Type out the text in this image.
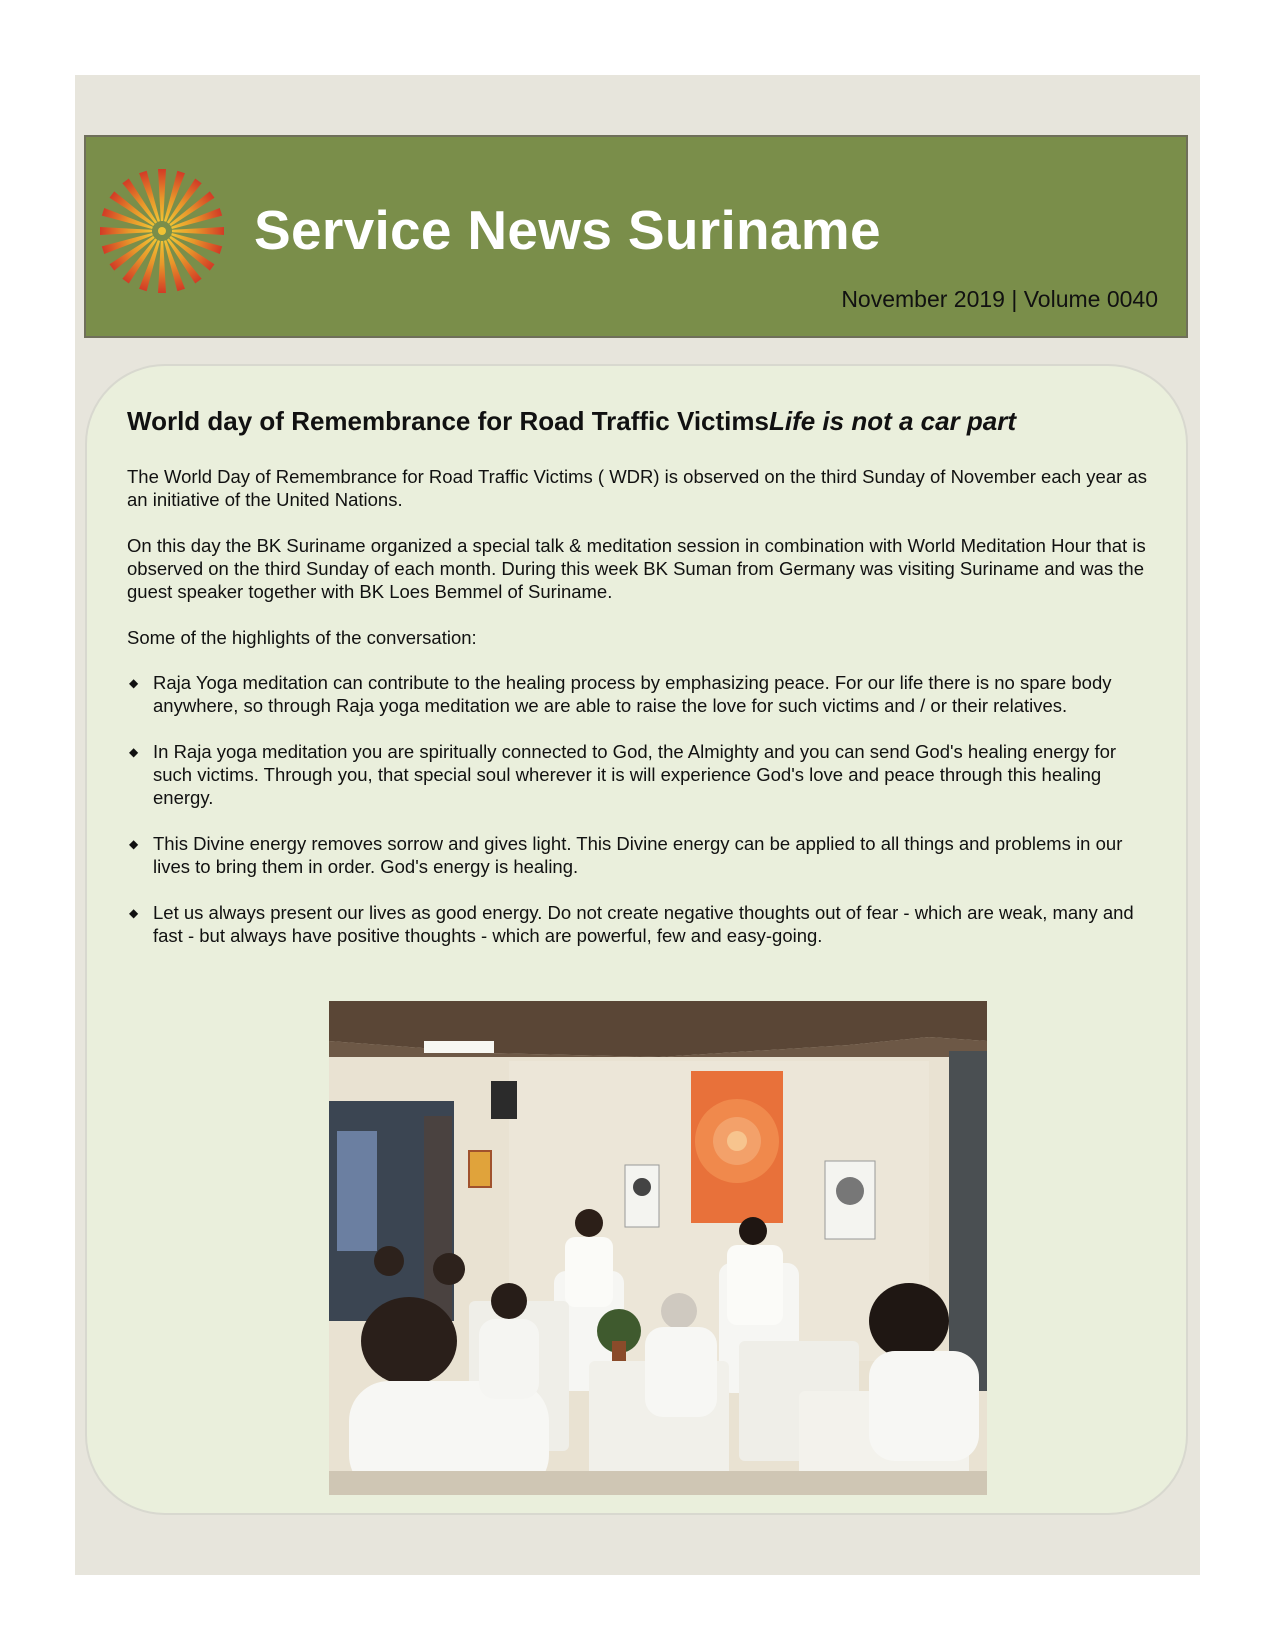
Service News Suriname

November 2019 | Volume 0040

World day of Remembrance for Road Traffic VictimsLife is not a car part

The World Day of Remembrance for Road Traffic Victims ( WDR) is observed on the third Sunday of November each year as an initiative of the United Nations.

On this day the BK Suriname organized a special talk & meditation session in combination with World Meditation Hour that is observed on the third Sunday of each month. During this week BK Suman from Germany was visiting Suriname and was the guest speaker together with BK Loes Bemmel of Suriname.

Some of the highlights of the conversation:

◆ Raja Yoga meditation can contribute to the healing process by emphasizing peace. For our life there is no spare body anywhere, so through Raja yoga meditation we are able to raise the love for such victims and / or their relatives.
◆ In Raja yoga meditation you are spiritually connected to God, the Almighty and you can send God's healing energy for such victims. Through you, that special soul wherever it is will experience God's love and peace through this healing energy.
◆ This Divine energy removes sorrow and gives light. This Divine energy can be applied to all things and problems in our lives to bring them in order. God's energy is healing.
◆ Let us always present our lives as good energy. Do not create negative thoughts out of fear - which are weak, many and fast - but always have positive thoughts - which are powerful, few and easy-going.
